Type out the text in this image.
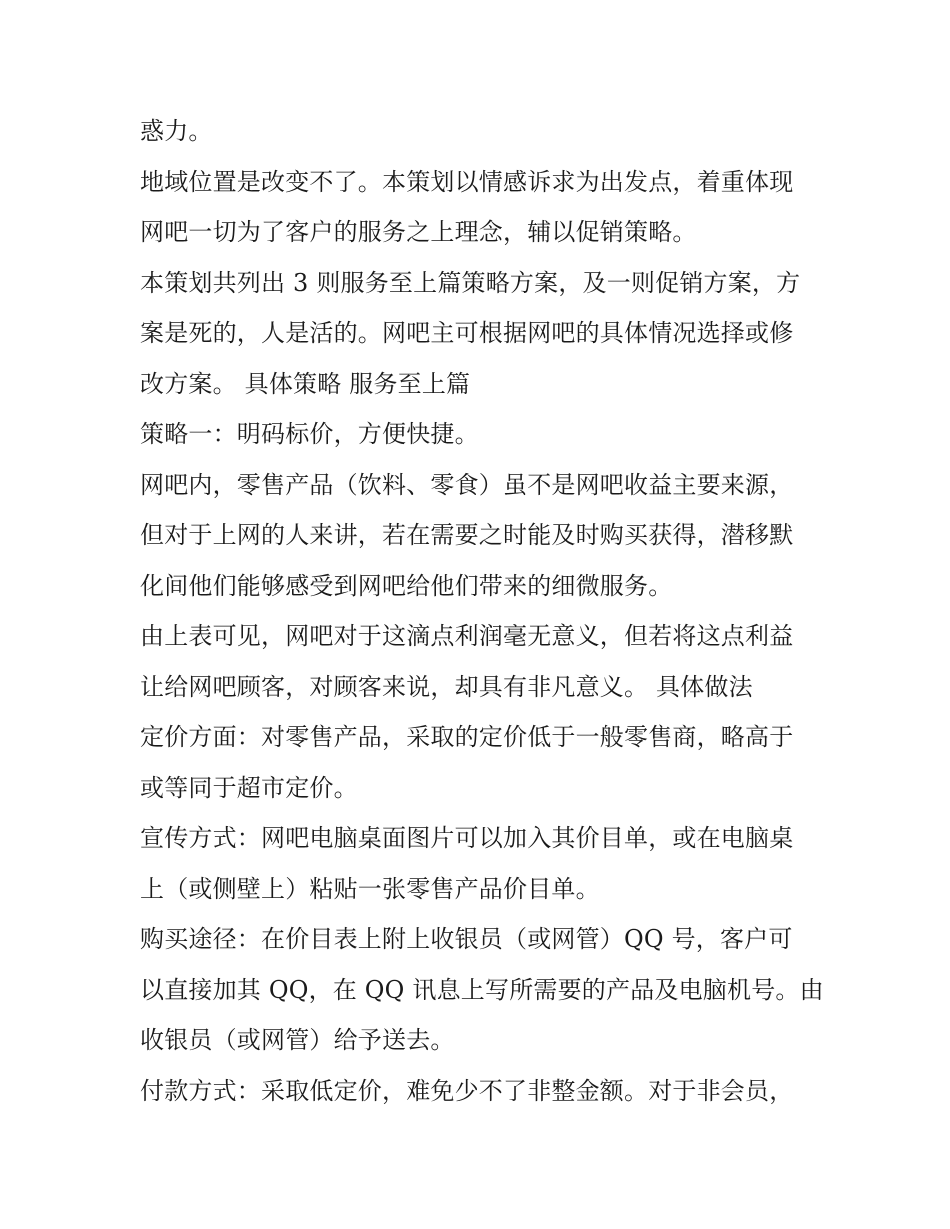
惑力。
地域位置是改变不了。本策划以情感诉求为出发点，着重体现
网吧一切为了客户的服务之上理念，辅以促销策略。
本策划共列出 3 则服务至上篇策略方案，及一则促销方案，方
案是死的，人是活的。网吧主可根据网吧的具体情况选择或修
改方案。 具体策略 服务至上篇
策略一：明码标价，方便快捷。
网吧内，零售产品（饮料、零食）虽不是网吧收益主要来源，
但对于上网的人来讲，若在需要之时能及时购买获得，潜移默
化间他们能够感受到网吧给他们带来的细微服务。
由上表可见，网吧对于这滴点利润毫无意义，但若将这点利益
让给网吧顾客，对顾客来说，却具有非凡意义。 具体做法
定价方面：对零售产品，采取的定价低于一般零售商，略高于
或等同于超市定价。
宣传方式：网吧电脑桌面图片可以加入其价目单，或在电脑桌
上（或侧壁上）粘贴一张零售产品价目单。
购买途径：在价目表上附上收银员（或网管）QQ 号，客户可
以直接加其 QQ，在 QQ 讯息上写所需要的产品及电脑机号。由
收银员（或网管）给予送去。
付款方式：采取低定价，难免少不了非整金额。对于非会员，
